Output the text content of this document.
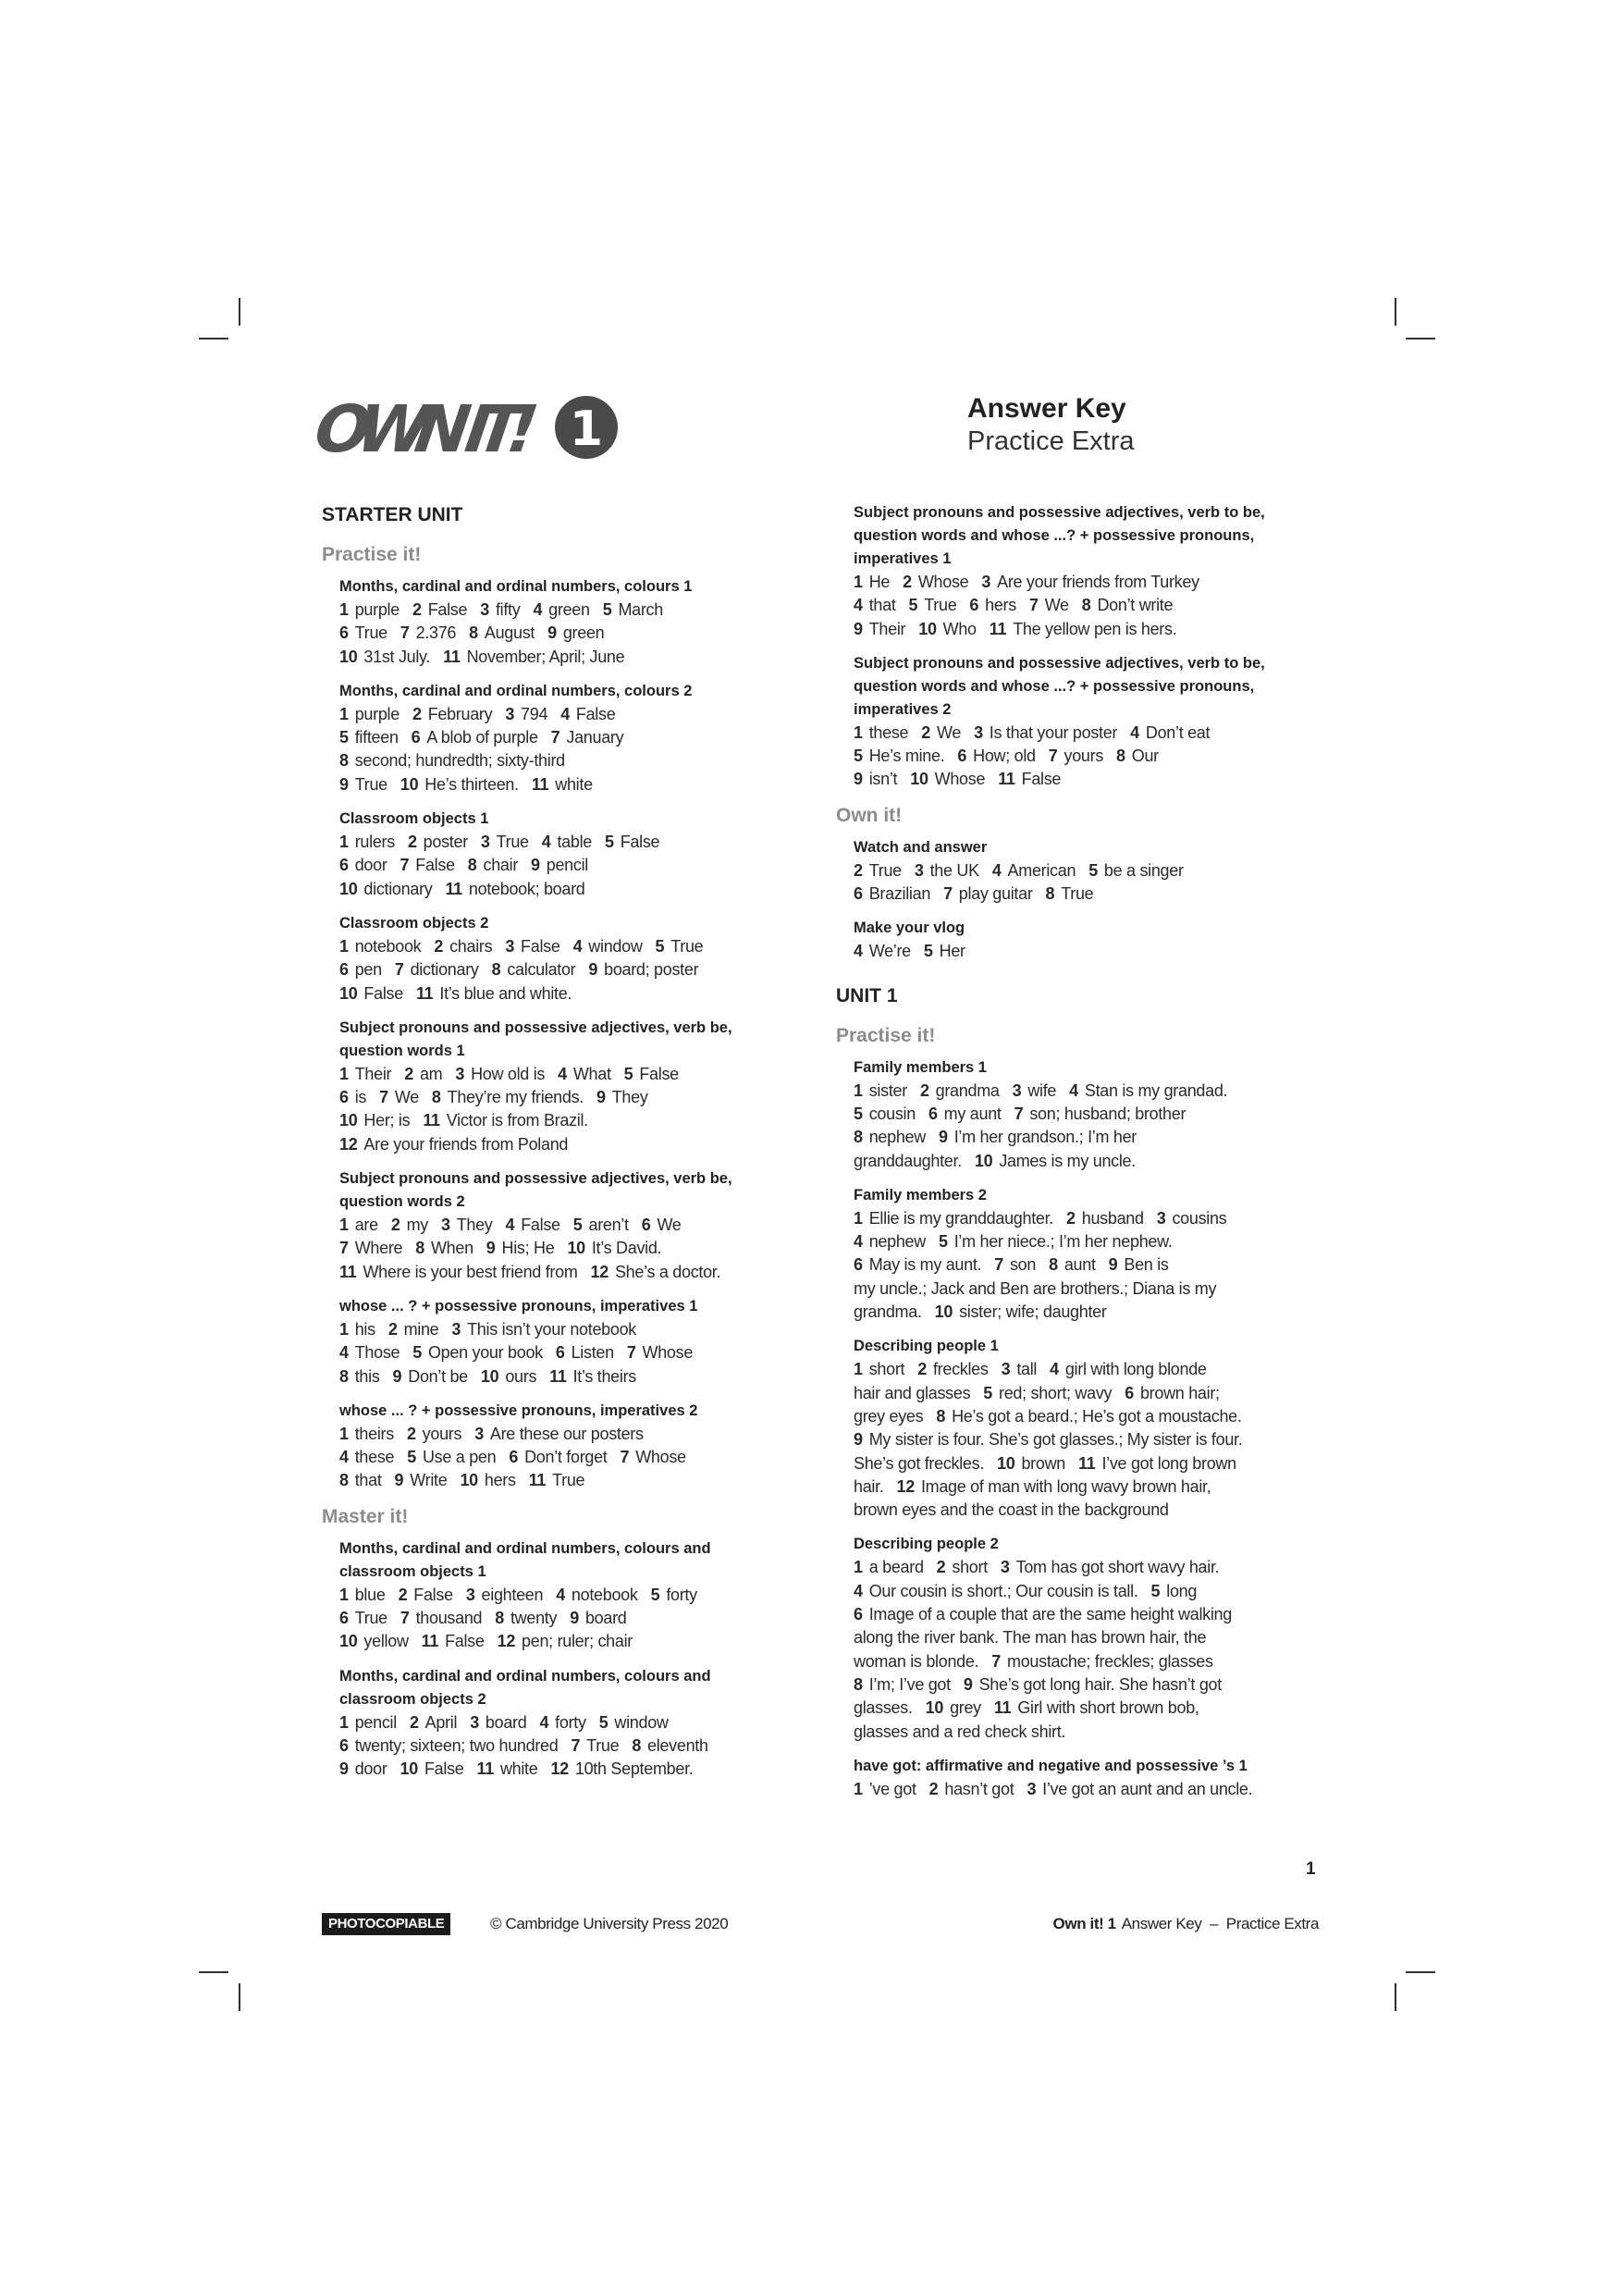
OWN IT! 1	Answer Key
Practice Extra
STARTER UNIT
Practise it!
Months, cardinal and ordinal numbers, colours 1
1 purple 2 False 3 fifty 4 green 5 March
6 True 7 2.376 8 August 9 green
10 31st July. 11 November; April; June
Months, cardinal and ordinal numbers, colours 2
1 purple 2 February 3 794 4 False
5 fifteen 6 A blob of purple 7 January
8 second; hundredth; sixty-third
9 True 10 He’s thirteen. 11 white
Classroom objects 1
1 rulers 2 poster 3 True 4 table 5 False
6 door 7 False 8 chair 9 pencil
10 dictionary 11 notebook; board
Classroom objects 2
1 notebook 2 chairs 3 False 4 window 5 True
6 pen 7 dictionary 8 calculator 9 board; poster
10 False 11 It’s blue and white.
Subject pronouns and possessive adjectives, verb be,
question words 1
1 Their 2 am 3 How old is 4 What 5 False
6 is 7 We 8 They’re my friends. 9 They
10 Her; is 11 Victor is from Brazil.
12 Are your friends from Poland
Subject pronouns and possessive adjectives, verb be,
question words 2
1 are 2 my 3 They 4 False 5 aren’t 6 We
7 Where 8 When 9 His; He 10 It’s David.
11 Where is your best friend from 12 She’s a doctor.
whose ... ? + possessive pronouns, imperatives 1
1 his 2 mine 3 This isn’t your notebook
4 Those 5 Open your book 6 Listen 7 Whose
8 this 9 Don’t be 10 ours 11 It’s theirs
whose ... ? + possessive pronouns, imperatives 2
1 theirs 2 yours 3 Are these our posters
4 these 5 Use a pen 6 Don’t forget 7 Whose
8 that 9 Write 10 hers 11 True
Master it!
Months, cardinal and ordinal numbers, colours and
classroom objects 1
1 blue 2 False 3 eighteen 4 notebook 5 forty
6 True 7 thousand 8 twenty 9 board
10 yellow 11 False 12 pen; ruler; chair
Months, cardinal and ordinal numbers, colours and
classroom objects 2
1 pencil 2 April 3 board 4 forty 5 window
6 twenty; sixteen; two hundred 7 True 8 eleventh
9 door 10 False 11 white 12 10th September.
Subject pronouns and possessive adjectives, verb to be,
question words and whose ...? + possessive pronouns,
imperatives 1
1 He 2 Whose 3 Are your friends from Turkey
4 that 5 True 6 hers 7 We 8 Don’t write
9 Their 10 Who 11 The yellow pen is hers.
Subject pronouns and possessive adjectives, verb to be,
question words and whose ...? + possessive pronouns,
imperatives 2
1 these 2 We 3 Is that your poster 4 Don’t eat
5 He’s mine. 6 How; old 7 yours 8 Our
9 isn’t 10 Whose 11 False
Own it!
Watch and answer
2 True 3 the UK 4 American 5 be a singer
6 Brazilian 7 play guitar 8 True
Make your vlog
4 We’re 5 Her
UNIT 1
Practise it!
Family members 1
1 sister 2 grandma 3 wife 4 Stan is my grandad.
5 cousin 6 my aunt 7 son; husband; brother
8 nephew 9 I’m her grandson.; I’m her
granddaughter. 10 James is my uncle.
Family members 2
1 Ellie is my granddaughter. 2 husband 3 cousins
4 nephew 5 I’m her niece.; I’m her nephew.
6 May is my aunt. 7 son 8 aunt 9 Ben is
my uncle.; Jack and Ben are brothers.; Diana is my
grandma. 10 sister; wife; daughter
Describing people 1
1 short 2 freckles 3 tall 4 girl with long blonde
hair and glasses 5 red; short; wavy 6 brown hair;
grey eyes 8 He’s got a beard.; He’s got a moustache.
9 My sister is four. She’s got glasses.; My sister is four.
She’s got freckles. 10 brown 11 I’ve got long brown
hair. 12 Image of man with long wavy brown hair,
brown eyes and the coast in the background
Describing people 2
1 a beard 2 short 3 Tom has got short wavy hair.
4 Our cousin is short.; Our cousin is tall. 5 long
6 Image of a couple that are the same height walking
along the river bank. The man has brown hair, the
woman is blonde. 7 moustache; freckles; glasses
8 I’m; I’ve got 9 She’s got long hair. She hasn’t got
glasses. 10 grey 11 Girl with short brown bob,
glasses and a red check shirt.
have got: affirmative and negative and possessive ’s 1
1 ’ve got 2 hasn’t got 3 I’ve got an aunt and an uncle.
1
PHOTOCOPIABLE	© Cambridge University Press 2020	Own it! 1 Answer Key  –  Practice Extra
